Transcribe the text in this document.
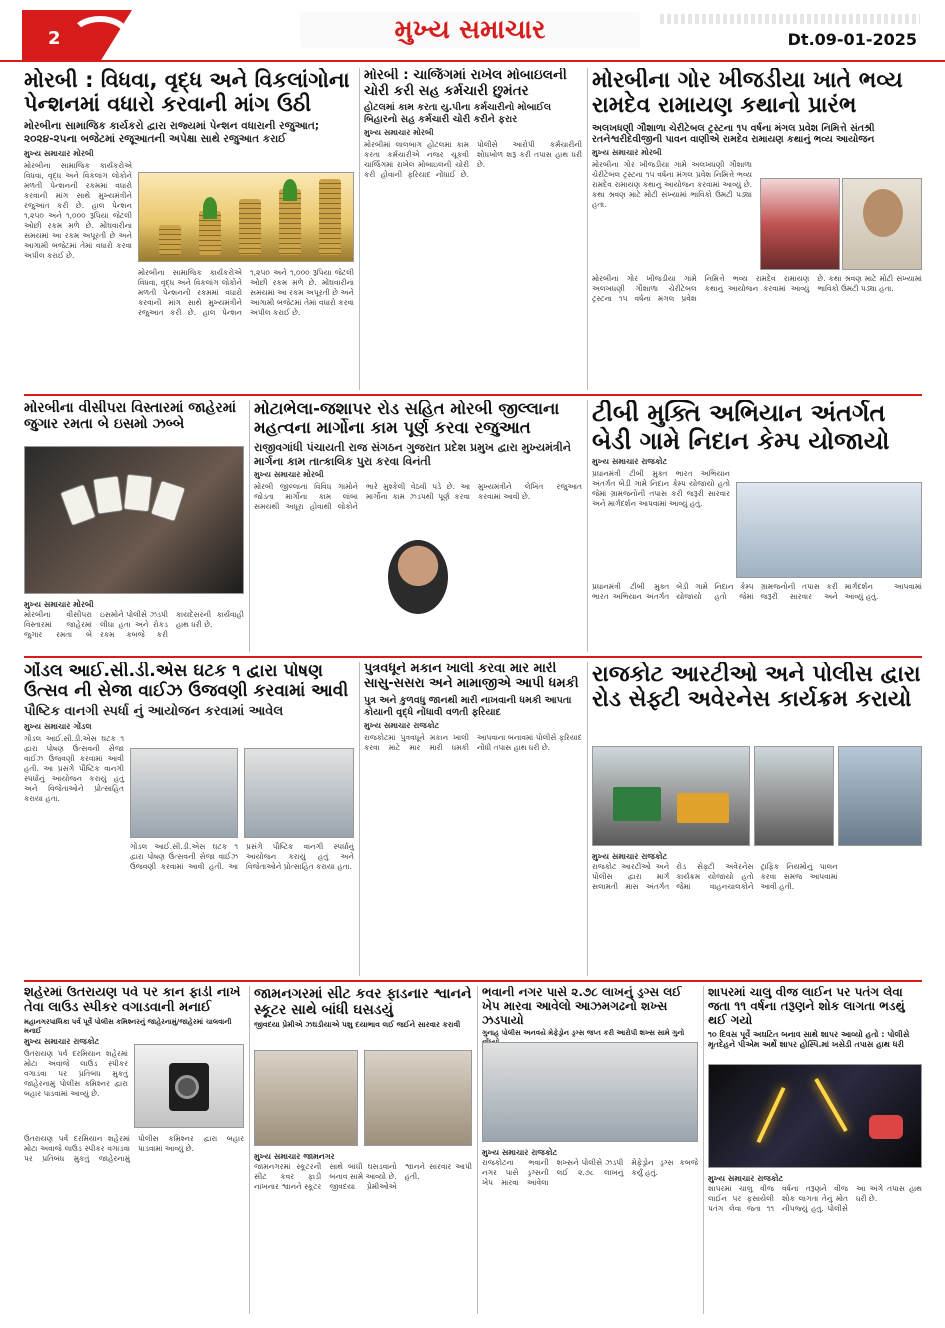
2	મુખ્ય સમાચાર	Dt.09-01-2025
મોરબી : વિધવા, વૃદ્ધ અને વિકલાંગોના પેન્શનમાં વધારો કરવાની માંગ ઉઠી
મોરબીના સામાજિક કાર્યકરો દ્વારા રાજ્યમાં પેન્શન વધારાની રજુઆત; ૨૦૨૪-૨૫ના બજેટમાં રજૂઆતની અપેક્ષા સાથે રજુઆત કરાઈ
મુખ્ય સમાચાર મોરબી
મોરબીના સામાજિક કાર્યકરોએ વિધવા, વૃદ્ધ અને વિકલાંગ લોકોને મળતી પેન્શનની રકમમાં વધારો કરવાની માંગ સાથે મુખ્યમંત્રીને રજુઆત કરી છે. હાલ પેન્શન ૧,૨૫૦ અને ૧,૦૦૦ રૂપિયા જેટલી ઓછી રકમ મળે છે. મોંઘવારીના સમયમાં આ રકમ અપૂરતી છે અને આગામી બજેટમાં તેમાં વધારો કરવા અપીલ કરાઈ છે.
મોરબીના સામાજિક કાર્યકરોએ વિધવા, વૃદ્ધ અને વિકલાંગ લોકોને મળતી પેન્શનની રકમમાં વધારો કરવાની માંગ સાથે મુખ્યમંત્રીને રજુઆત કરી છે. હાલ પેન્શન ૧,૨૫૦ અને ૧,૦૦૦ રૂપિયા જેટલી ઓછી રકમ મળે છે. મોંઘવારીના સમયમાં આ રકમ અપૂરતી છે અને આગામી બજેટમાં તેમાં વધારો કરવા અપીલ કરાઈ છે.
મોરબી : ચાર્જિંગમાં રાખેલ મોબાઇલની ચોરી કરી સહ કર્મચારી છુમંતર
હોટલમાં કામ કરતા યુ.પીના કર્મચારીનો મોબાઈલ બિહારનો સહ કર્મચારી ચોરી કરીને ફરાર
મુખ્ય સમાચાર મોરબી
મોરબીમાં લાલબાગ હોટલમાં કામ કરતા કર્મચારીએ નજર ચૂકવી ચાર્જિંગમાં રાખેલ મોબાઇલની ચોરી કરી હોવાની ફરિયાદ નોંધાઈ છે. પોલીસે આરોપી કર્મચારીની શોધખોળ શરૂ કરી તપાસ હાથ ધરી છે.
મોરબીના ગોર ખીજડીયા ખાતે ભવ્ય રામદેવ રામાયણ કથાનો પ્રારંભ
અલખધણી ગૌશાળા ચેરીટેબલ ટ્રસ્ટના ૧૫ વર્ષના મંગલ પ્રવેશ નિમિત્તે સંતશ્રી રતનેશ્વરીદેવીજીની પાવન વાણીએ રામદેવ રામાયણ કથાનું ભવ્ય આયોજન
મુખ્ય સમાચાર મોરબી
મોરબીના ગોર ખીજડીયા ગામે અલખધણી ગૌશાળા ચેરીટેબલ ટ્રસ્ટના ૧૫ વર્ષના મંગલ પ્રવેશ નિમિત્તે ભવ્ય રામદેવ રામાયણ કથાનું આયોજન કરવામાં આવ્યું છે. કથા શ્રવણ માટે મોટી સંખ્યામાં ભાવિકો ઉમટી પડ્યા હતા.
મોરબીના ગોર ખીજડીયા ગામે અલખધણી ગૌશાળા ચેરીટેબલ ટ્રસ્ટના ૧૫ વર્ષના મંગલ પ્રવેશ નિમિત્તે ભવ્ય રામદેવ રામાયણ કથાનું આયોજન કરવામાં આવ્યું છે. કથા શ્રવણ માટે મોટી સંખ્યામાં ભાવિકો ઉમટી પડ્યા હતા.
મોરબીના વીસીપરા વિસ્તારમાં જાહેરમાં જુગાર રમતા બે ઇસમો ઝબ્બે
મુખ્ય સમાચાર મોરબી
મોરબીના વીસીપરા વિસ્તારમાં જાહેરમાં જુગાર રમતા બે ઇસમોને પોલીસે ઝડપી લીધા હતા અને રોકડ રકમ કબજે કરી કાયદેસરની કાર્યવાહી હાથ ધરી છે.
મોટાભેલા-જશાપર રોડ સહિત મોરબી જીલ્લાના મહત્વના માર્ગોના કામ પૂર્ણ કરવા રજુઆત
રાજીવગાંધી પંચાયતી રાજ સંગઠન ગુજરાત પ્રદેશ પ્રમુખ દ્વારા મુખ્યમંત્રીને માર્ગના કામ તાત્કાલિક પુરા કરવા વિનંતી
મુખ્ય સમાચાર મોરબી
મોરબી જીલ્લાના વિવિધ ગામોને જોડતા માર્ગોના કામ લાંબા સમયથી અધૂરા હોવાથી લોકોને ભારે મુશ્કેલી વેઠવી પડે છે. આ માર્ગોના કામ ઝડપથી પૂર્ણ કરવા મુખ્યમંત્રીને લેખિત રજુઆત કરવામાં આવી છે.
ટીબી મુક્તિ અભિયાન અંતર્ગત બેડી ગામે નિદાન કેમ્પ યોજાયો
મુખ્ય સમાચાર રાજકોટ
પ્રધાનમંત્રી ટીબી મુક્ત ભારત અભિયાન અંતર્ગત બેડી ગામે નિદાન કેમ્પ યોજાયો હતો જેમાં ગ્રામજનોની તપાસ કરી જરૂરી સારવાર અને માર્ગદર્શન આપવામાં આવ્યું હતું.
પ્રધાનમંત્રી ટીબી મુક્ત ભારત અભિયાન અંતર્ગત બેડી ગામે નિદાન કેમ્પ યોજાયો હતો જેમાં ગ્રામજનોની તપાસ કરી જરૂરી સારવાર અને માર્ગદર્શન આપવામાં આવ્યું હતું.
ગોંડલ આઈ.સી.ડી.એસ ઘટક ૧ દ્વારા પોષણ ઉત્સવ ની સેજા વાઈઝ ઉજવણી કરવામાં આવી
પૌષ્ટિક વાનગી સ્પર્ધા નું આયોજન કરવામાં આવેલ
મુખ્ય સમાચાર ગોંડલ
ગોંડલ આઈ.સી.ડી.એસ ઘટક ૧ દ્વારા પોષણ ઉત્સવની સેજા વાઈઝ ઉજવણી કરવામાં આવી હતી. આ પ્રસંગે પૌષ્ટિક વાનગી સ્પર્ધાનું આયોજન કરાયું હતું અને વિજેતાઓને પ્રોત્સાહિત કરાયા હતા.
ગોંડલ આઈ.સી.ડી.એસ ઘટક ૧ દ્વારા પોષણ ઉત્સવની સેજા વાઈઝ ઉજવણી કરવામાં આવી હતી. આ પ્રસંગે પૌષ્ટિક વાનગી સ્પર્ધાનું આયોજન કરાયું હતું અને વિજેતાઓને પ્રોત્સાહિત કરાયા હતા.
પુત્રવધૂને મકાન ખાલી કરવા માર મારી સાસુ-સસરા અને મામાજીએ આપી ધમકી
પુત્ર અને કુળવધુ જાનથી મારી નાખવાની ધમકી આપતા કોયાની વૃદ્ધે નોંધાવી વળતી ફરિયાદ
મુખ્ય સમાચાર રાજકોટ
રાજકોટમાં પુત્રવધૂને મકાન ખાલી કરવા માટે માર મારી ધમકી આપવાના બનાવમાં પોલીસે ફરિયાદ નોંધી તપાસ હાથ ધરી છે.
રાજકોટ આરટીઓ અને પોલીસ દ્વારા રોડ સેફ્ટી અવેરનેસ કાર્યક્રમ કરાયો
મુખ્ય સમાચાર રાજકોટ
રાજકોટ આરટીઓ અને પોલીસ દ્વારા માર્ગ સલામતી માસ અંતર્ગત રોડ સેફ્ટી અવેરનેસ કાર્યક્રમ યોજાયો હતો જેમાં વાહનચાલકોને ટ્રાફિક નિયમોનું પાલન કરવા સમજ આપવામાં આવી હતી.
શહેરમાં ઉતરાયણ પર્વ પર કાન ફાડી નાખે તેવા લાઉડ સ્પીકર વગાડવાની મનાઈ
મહાનગરપાલિકા પર્વ પૂર્વે પોલીસ કમિશ્નરનું જાહેરનામું/જાહેરમાં ચાલવાની મનાઈ
મુખ્ય સમાચાર રાજકોટ
ઉતરાયણ પર્વ દરમિયાન શહેરમાં મોટા અવાજે લાઉડ સ્પીકર વગાડવા પર પ્રતિબંધ મુકતું જાહેરનામું પોલીસ કમિશ્નર દ્વારા બહાર પાડવામાં આવ્યું છે.
ઉતરાયણ પર્વ દરમિયાન શહેરમાં મોટા અવાજે લાઉડ સ્પીકર વગાડવા પર પ્રતિબંધ મુકતું જાહેરનામું પોલીસ કમિશ્નર દ્વારા બહાર પાડવામાં આવ્યું છે.
જામનગરમાં સીટ કવર ફાડનાર શ્વાનને સ્કૂટર સાથે બાંધી ઘસડયું
જીવદયા પ્રેમીએ ઝઘડીયાએ પશુ દયાભાવ લઈ જઈને સારવાર કરાવી
મુખ્ય સમાચાર જામનગર
જામનગરમાં સ્કૂટરની સીટ કવર ફાડી નાખનાર શ્વાનને સ્કૂટર સાથે બાંધી ઘસડવાનો બનાવ સામે આવ્યો છે. જીવદયા પ્રેમીઓએ શ્વાનને સારવાર આપી હતી.
ભવાની નગર પાસે ૨.૭૮ લાખનું ડ્રગ્સ લઈ ખેપ મારવા આવેલો આઝમગઢનો શખ્સ ઝડપાયો
ગુનાહ પોલીસ અનવયે મેફેડ્રોન ડ્રગ્સ જપ્ત કરી આરોપી શખ્સ સામે ગુનો
મુખ્ય સમાચાર રાજકોટ
રાજકોટના ભવાની નગર પાસે ડ્રગ્સની ખેપ મારવા આવેલા શખ્સને પોલીસે ઝડપી લઈ ૨.૭૮ લાખનું મેફેડ્રોન ડ્રગ્સ કબજે કર્યું હતું.
શાપરમાં ચાલુ વીજ લાઈન પર પતંગ લેવા જતા ૧૧ વર્ષના તરૂણને શોક લાગતા ભડથું થઈ ગયો
૧૦ દિવસ પૂર્વે અઘટિત બનાવ સાથે શાપર આવ્યો હતો : પોલીસે મૃતદેહને પીએમ અર્થે શાપર હોસ્પિ.માં ખસેડી તપાસ હાથ ધરી
મુખ્ય સમાચાર રાજકોટ
શાપરમાં ચાલુ વીજ લાઈન પર ફસાયેલી પતંગ લેવા જતા ૧૧ વર્ષના તરૂણને વીજ શોક લાગતા તેનું મોત નીપજ્યું હતું. પોલીસે આ અંગે તપાસ હાથ ધરી છે.
